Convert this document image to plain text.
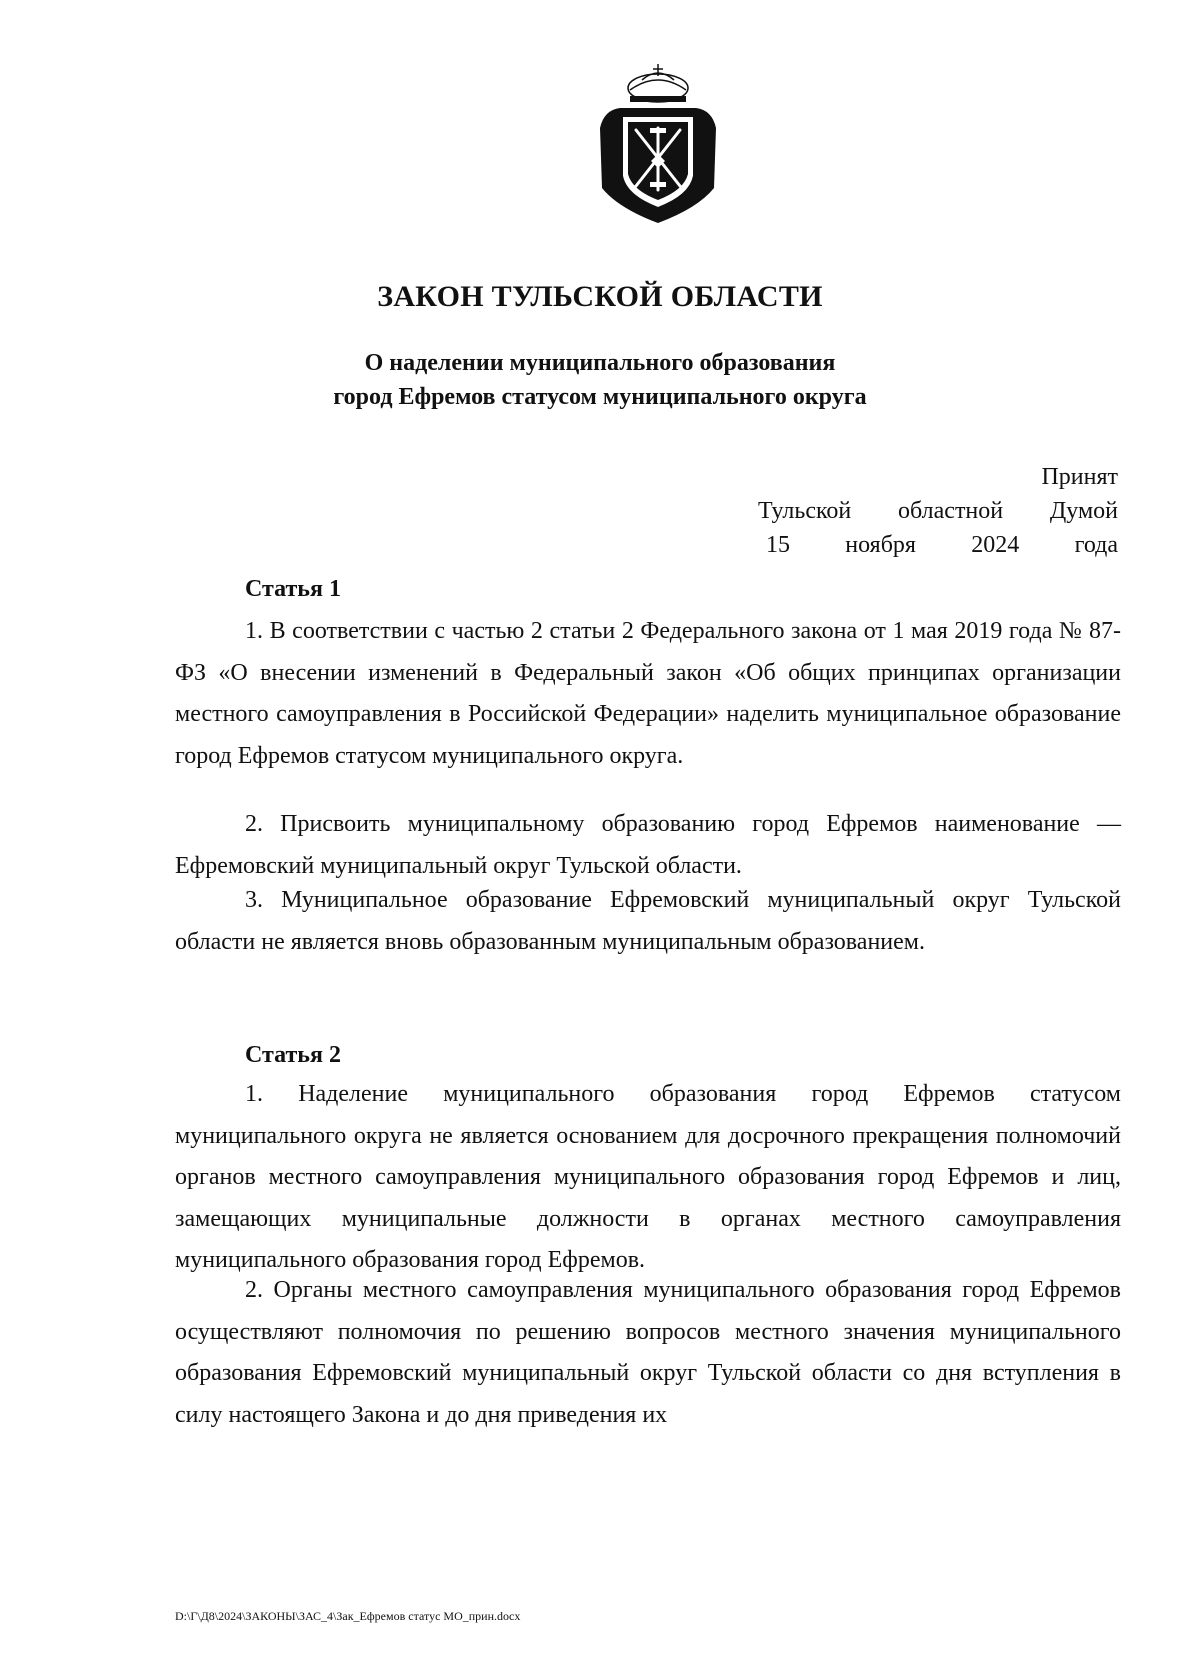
ЗАКОН ТУЛЬСКОЙ ОБЛАСТИ
О наделении муниципального образования
город Ефремов статусом муниципального округа
Принят
Тульской областной Думой
15 ноября 2024 года
Статья 1

1. В соответствии с частью 2 статьи 2 Федерального закона от 1 мая 2019 года № 87-ФЗ «О внесении изменений в Федеральный закон «Об общих принципах организации местного самоуправления в Российской Федерации» наделить муниципальное образование город Ефремов статусом муниципального округа.

2. Присвоить муниципальному образованию город Ефремов наименование — Ефремовский муниципальный округ Тульской области.

3. Муниципальное образование Ефремовский муниципальный округ Тульской области не является вновь образованным муниципальным образованием.

Статья 2

1. Наделение муниципального образования город Ефремов статусом муниципального округа не является основанием для досрочного прекращения полномочий органов местного самоуправления муниципального образования город Ефремов и лиц, замещающих муниципальные должности в органах местного самоуправления муниципального образования город Ефремов.

2. Органы местного самоуправления муниципального образования город Ефремов осуществляют полномочия по решению вопросов местного значения муниципального образования Ефремовский муниципальный округ Тульской области со дня вступления в силу настоящего Закона и до дня приведения их

D:\Г\Д8\2024\ЗАКОНЫ\ЗАС_4\Зак_Ефремов статус МО_прин.docx
